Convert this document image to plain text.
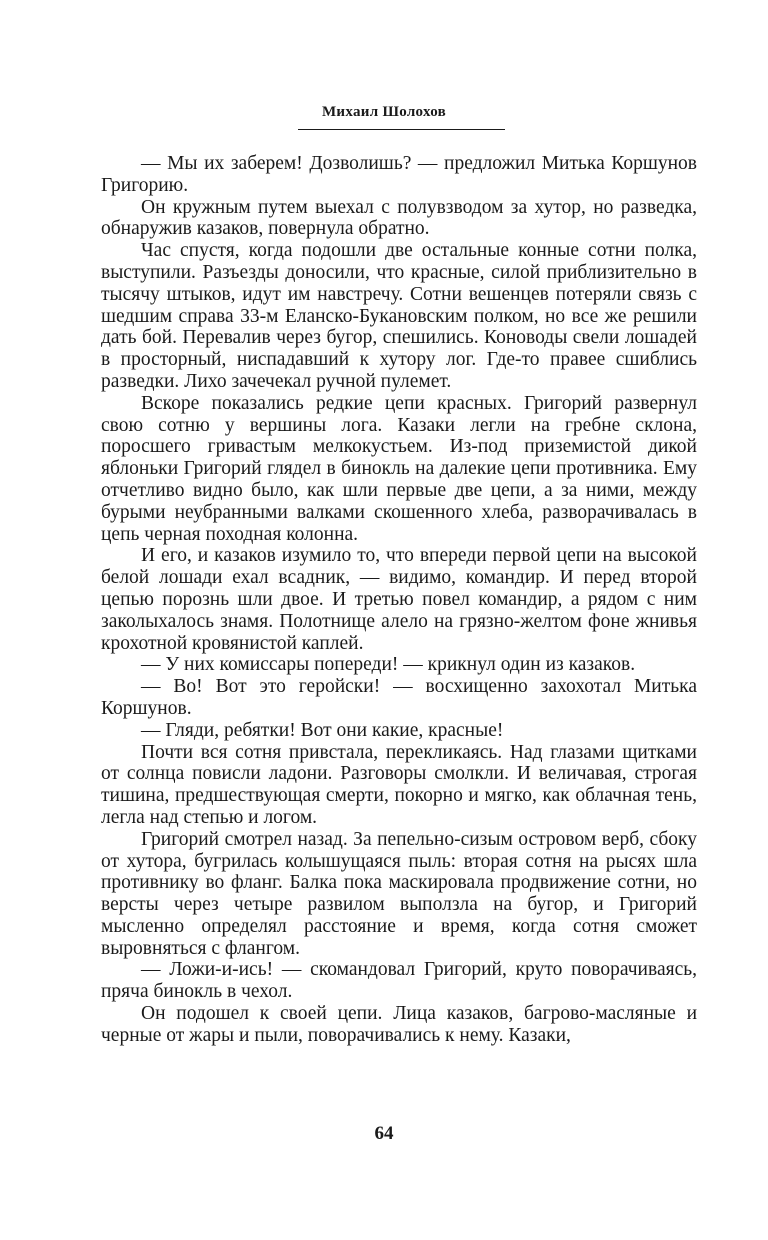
Михаил Шолохов

— Мы их заберем! Дозволишь? — предложил Митька Коршунов Григорию.

Он кружным путем выехал с полувзводом за хутор, но разведка, обнаружив казаков, повернула обратно.

Час спустя, когда подошли две остальные конные сотни полка, выступили. Разъезды доносили, что красные, силой приблизительно в тысячу штыков, идут им навстречу. Сотни вешенцев потеряли связь с шедшим справа 33-м Еланско-Букановским полком, но все же решили дать бой. Перевалив через бугор, спешились. Коноводы свели лошадей в просторный, ниспадавший к хутору лог. Где-то правее сшиблись разведки. Лихо зачечекал ручной пулемет.

Вскоре показались редкие цепи красных. Григорий развернул свою сотню у вершины лога. Казаки легли на гребне склона, поросшего гривастым мелкокустьем. Из-под приземистой дикой яблоньки Григорий глядел в бинокль на далекие цепи противника. Ему отчетливо видно было, как шли первые две цепи, а за ними, между бурыми неубранными валками скошенного хлеба, разворачивалась в цепь черная походная колонна.

И его, и казаков изумило то, что впереди первой цепи на высокой белой лошади ехал всадник, — видимо, командир. И перед второй цепью порознь шли двое. И третью повел командир, а рядом с ним заколыхалось знамя. Полотнище алело на грязно-желтом фоне жнивья крохотной кровянистой каплей.

— У них комиссары попереди! — крикнул один из казаков.

— Во! Вот это геройски! — восхищенно захохотал Митька Коршунов.

— Гляди, ребятки! Вот они какие, красные!

Почти вся сотня привстала, перекликаясь. Над глазами щитками от солнца повисли ладони. Разговоры смолкли. И величавая, строгая тишина, предшествующая смерти, покорно и мягко, как облачная тень, легла над степью и логом.

Григорий смотрел назад. За пепельно-сизым островом верб, сбоку от хутора, бугрилась колышущаяся пыль: вторая сотня на рысях шла противнику во фланг. Балка пока маскировала продвижение сотни, но версты через четыре развилом выползла на бугор, и Григорий мысленно определял расстояние и время, когда сотня сможет выровняться с флангом.

— Ложи-и-ись! — скомандовал Григорий, круто поворачиваясь, пряча бинокль в чехол.

Он подошел к своей цепи. Лица казаков, багрово-масляные и черные от жары и пыли, поворачивались к нему. Казаки,

64
